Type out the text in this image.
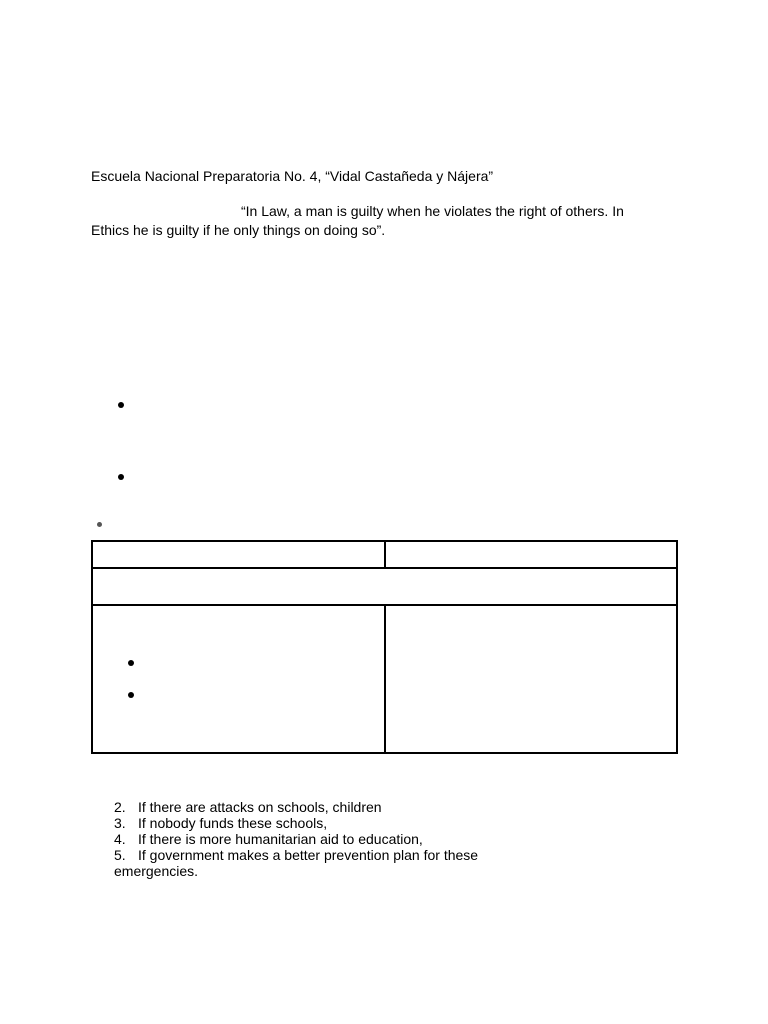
Escuela Nacional Preparatoria No. 4, “Vidal Castañeda y Nájera”
“In Law, a man is guilty when he violates the right of others. In
Ethics he is guilty if he only things on doing so”.
2. If there are attacks on schools, children
3. If nobody funds these schools,
4. If there is more humanitarian aid to education,
5. If government makes a better prevention plan for these
emergencies.
